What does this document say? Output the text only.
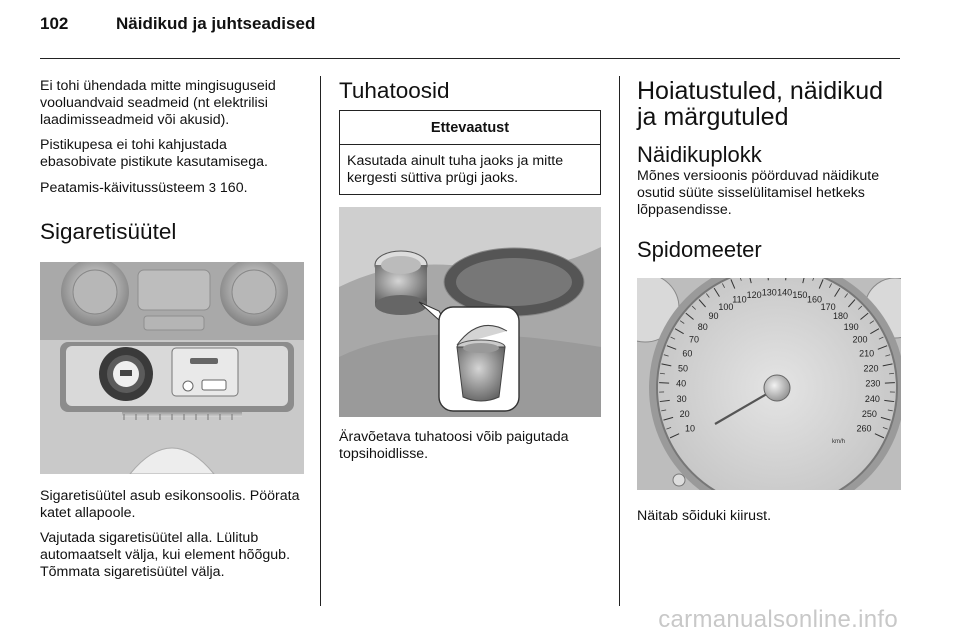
102	Näidikud ja juhtseadised

Ei tohi ühendada mitte mingisuguseid vooluandvaid seadmeid (nt elektrilisi laadimisseadmeid või akusid).

Pistikupesa ei tohi kahjustada ebasobivate pistikute kasutamisega.

Peatamis-käivitussüsteem 3 160.

Sigaretisüütel

Sigaretisüütel asub esikonsoolis. Pöörata katet allapoole.

Vajutada sigaretisüütel alla. Lülitub automaatselt välja, kui element hõõgub. Tõmmata sigaretisüütel välja.

Tuhatoosid
Ettevaatust
Kasutada ainult tuha jaoks ja mitte kergesti süttiva prügi jaoks.

Äravõetava tuhatoosi võib paigutada topsihoidlisse.

Hoiatustuled, näidikud ja märgutuled
Näidikuplokk

Mõnes versioonis pöörduvad näidikute osutid süüte sisselülitamisel hetkeks lõppasendisse.

Spidomeeter
10
20
30
40
50
60
70
80
90
100
110 120 130 140 150 160
170
180
190
200
210
220
230
240
250
260
km/h

Näitab sõiduki kiirust.

carmanualsonline.info
